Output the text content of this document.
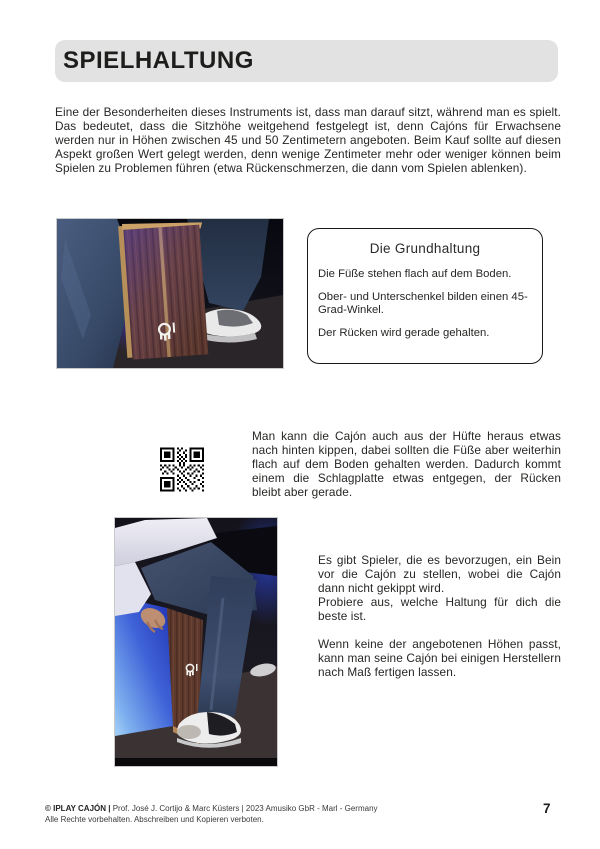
SPIELHALTUNG

Eine der Besonderheiten dieses Instruments ist, dass man darauf sitzt, während man es spielt. Das bedeutet, dass die Sitzhöhe weitgehend festgelegt ist, denn Cajóns für Erwachsene werden nur in Höhen zwischen 45 und 50 Zentimetern angeboten. Beim Kauf sollte auf diesen Aspekt großen Wert gelegt werden, denn wenige Zentimeter mehr oder weniger können beim Spielen zu Problemen führen (etwa Rückenschmerzen, die dann vom Spielen ablenken).

Die Grundhaltung

Die Füße stehen flach auf dem Boden.

Ober- und Unterschenkel bilden einen 45-Grad-Winkel.

Der Rücken wird gerade gehalten.

Man kann die Cajón auch aus der Hüfte heraus etwas nach hinten kippen, dabei sollten die Füße aber weiterhin flach auf dem Boden gehalten werden. Dadurch kommt einem die Schlagplatte etwas entgegen, der Rücken bleibt aber gerade.

Es gibt Spieler, die es bevorzugen, ein Bein vor die Cajón zu stellen, wobei die Cajón dann nicht gekippt wird.

Probiere aus, welche Haltung für dich die beste ist.

Wenn keine der angebotenen Höhen passt, kann man seine Cajón bei einigen Herstellern nach Maß fertigen lassen.

© IPLAY CAJÓN | Prof. José J. Cortijo & Marc Küsters | 2023 Amusiko GbR - Marl - Germany
Alle Rechte vorbehalten. Abschreiben und Kopieren verboten.
7
